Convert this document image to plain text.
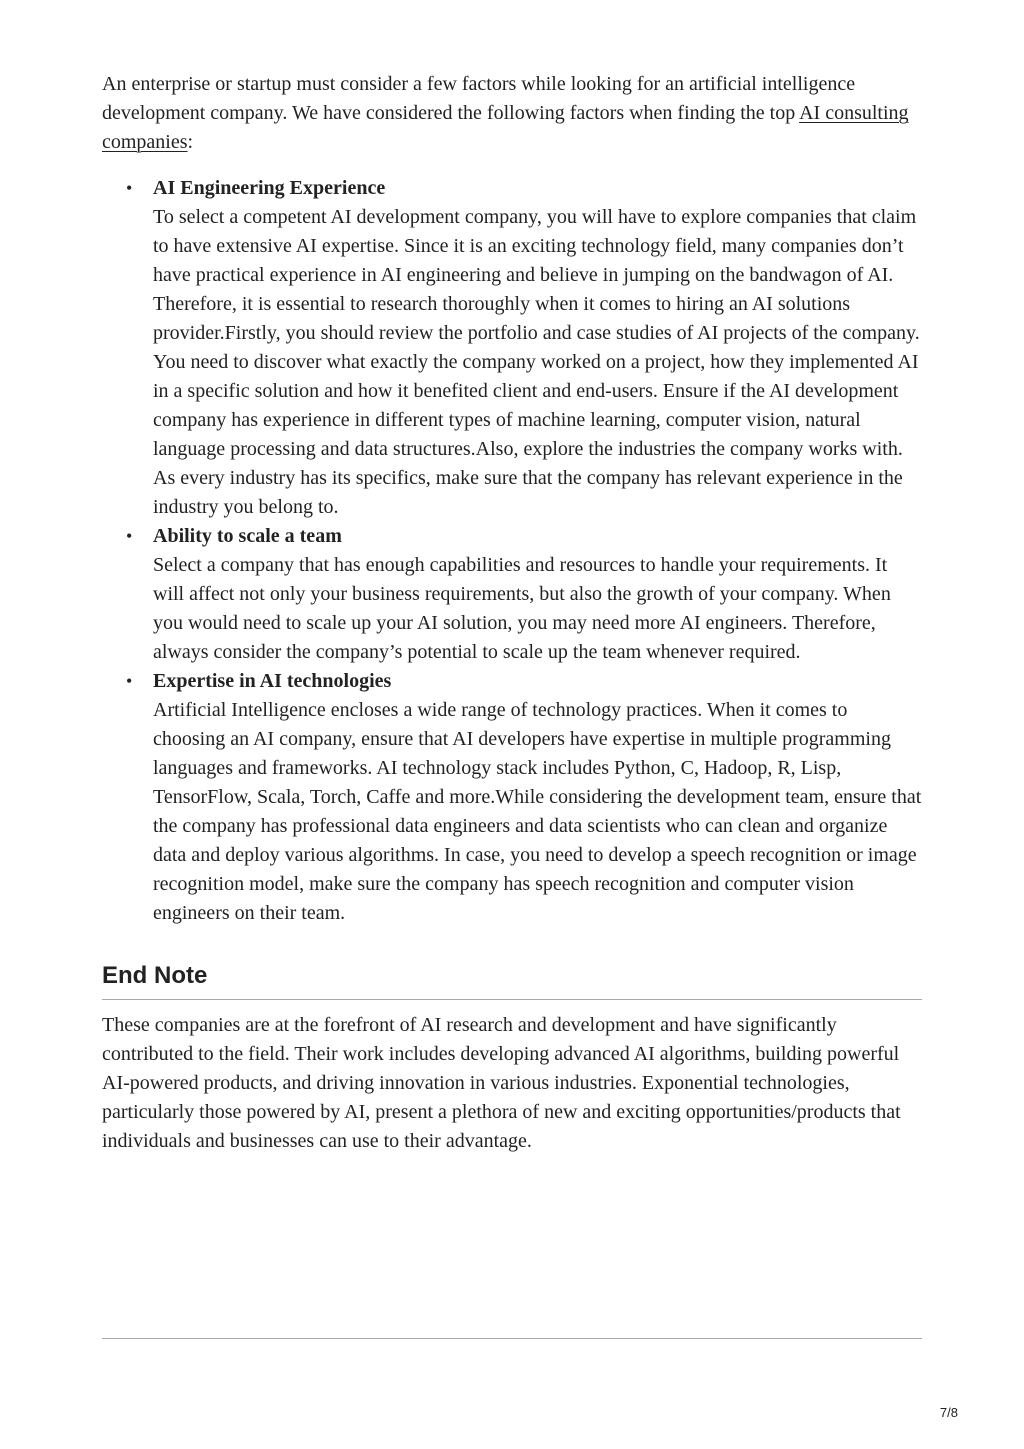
An enterprise or startup must consider a few factors while looking for an artificial intelligence development company. We have considered the following factors when finding the top AI consulting companies:

• AI Engineering Experience
To select a competent AI development company, you will have to explore companies that claim to have extensive AI expertise. Since it is an exciting technology field, many companies don’t have practical experience in AI engineering and believe in jumping on the bandwagon of AI. Therefore, it is essential to research thoroughly when it comes to hiring an AI solutions provider.Firstly, you should review the portfolio and case studies of AI projects of the company. You need to discover what exactly the company worked on a project, how they implemented AI in a specific solution and how it benefited client and end-users. Ensure if the AI development company has experience in different types of machine learning, computer vision, natural language processing and data structures.Also, explore the industries the company works with. As every industry has its specifics, make sure that the company has relevant experience in the industry you belong to.
• Ability to scale a team
Select a company that has enough capabilities and resources to handle your requirements. It will affect not only your business requirements, but also the growth of your company. When you would need to scale up your AI solution, you may need more AI engineers. Therefore, always consider the company’s potential to scale up the team whenever required.
• Expertise in AI technologies
Artificial Intelligence encloses a wide range of technology practices. When it comes to choosing an AI company, ensure that AI developers have expertise in multiple programming languages and frameworks. AI technology stack includes Python, C, Hadoop, R, Lisp, TensorFlow, Scala, Torch, Caffe and more.While considering the development team, ensure that the company has professional data engineers and data scientists who can clean and organize data and deploy various algorithms. In case, you need to develop a speech recognition or image recognition model, make sure the company has speech recognition and computer vision engineers on their team.
End Note

These companies are at the forefront of AI research and development and have significantly contributed to the field. Their work includes developing advanced AI algorithms, building powerful AI-powered products, and driving innovation in various industries. Exponential technologies, particularly those powered by AI, present a plethora of new and exciting opportunities/products that individuals and businesses can use to their advantage.

7/8
